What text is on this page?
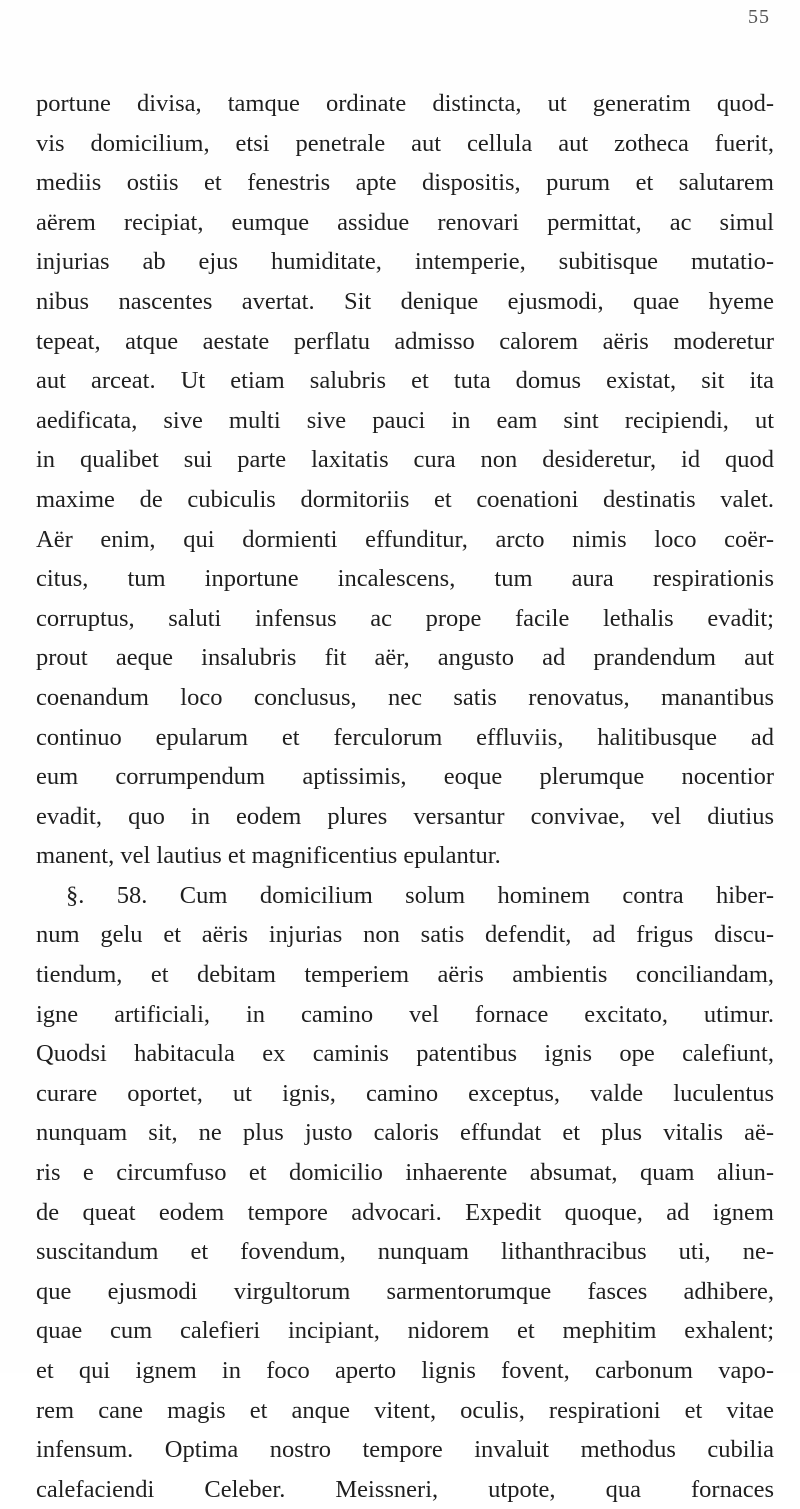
55
portune divisa, tamque ordinate distincta, ut generatim quod-
vis domicilium, etsi penetrale aut cellula aut zotheca fuerit,
mediis ostiis et fenestris apte dispositis, purum et salutarem
aërem recipiat, eumque assidue renovari permittat, ac simul
injurias ab ejus humiditate, intemperie, subitisque mutatio-
nibus nascentes avertat. Sit denique ejusmodi, quae hyeme
tepeat, atque aestate perflatu admisso calorem aëris moderetur
aut arceat. Ut etiam salubris et tuta domus existat, sit ita
aedificata, sive multi sive pauci in eam sint recipiendi, ut
in qualibet sui parte laxitatis cura non desideretur, id quod
maxime de cubiculis dormitoriis et coenationi destinatis valet.
Aër enim, qui dormienti effunditur, arcto nimis loco coër-
citus, tum inportune incalescens, tum aura respirationis
corruptus, saluti infensus ac prope facile lethalis evadit;
prout aeque insalubris fit aër, angusto ad prandendum aut
coenandum loco conclusus, nec satis renovatus, manantibus
continuo epularum et ferculorum effluviis, halitibusque ad
eum corrumpendum aptissimis, eoque plerumque nocentior
evadit, quo in eodem plures versantur convivae, vel diutius
manent, vel lautius et magnificentius epulantur.
§. 58. Cum domicilium solum hominem contra hiber-
num gelu et aëris injurias non satis defendit, ad frigus discu-
tiendum, et debitam temperiem aëris ambientis conciliandam,
igne artificiali, in camino vel fornace excitato, utimur.
Quodsi habitacula ex caminis patentibus ignis ope calefiunt,
curare oportet, ut ignis, camino exceptus, valde luculentus
nunquam sit, ne plus justo caloris effundat et plus vitalis aë-
ris e circumfuso et domicilio inhaerente absumat, quam aliun-
de queat eodem tempore advocari. Expedit quoque, ad ignem
suscitandum et fovendum, nunquam lithanthracibus uti, ne-
que ejusmodi virgultorum sarmentorumque fasces adhibere,
quae cum calefieri incipiant, nidorem et mephitim exhalent;
et qui ignem in foco aperto lignis fovent, carbonum vapo-
rem cane magis et anque vitent, oculis, respirationi et vitae
infensum. Optima nostro tempore invaluit methodus cubilia
calefaciendi Celeber. Meissneri, utpote, qua fornaces
